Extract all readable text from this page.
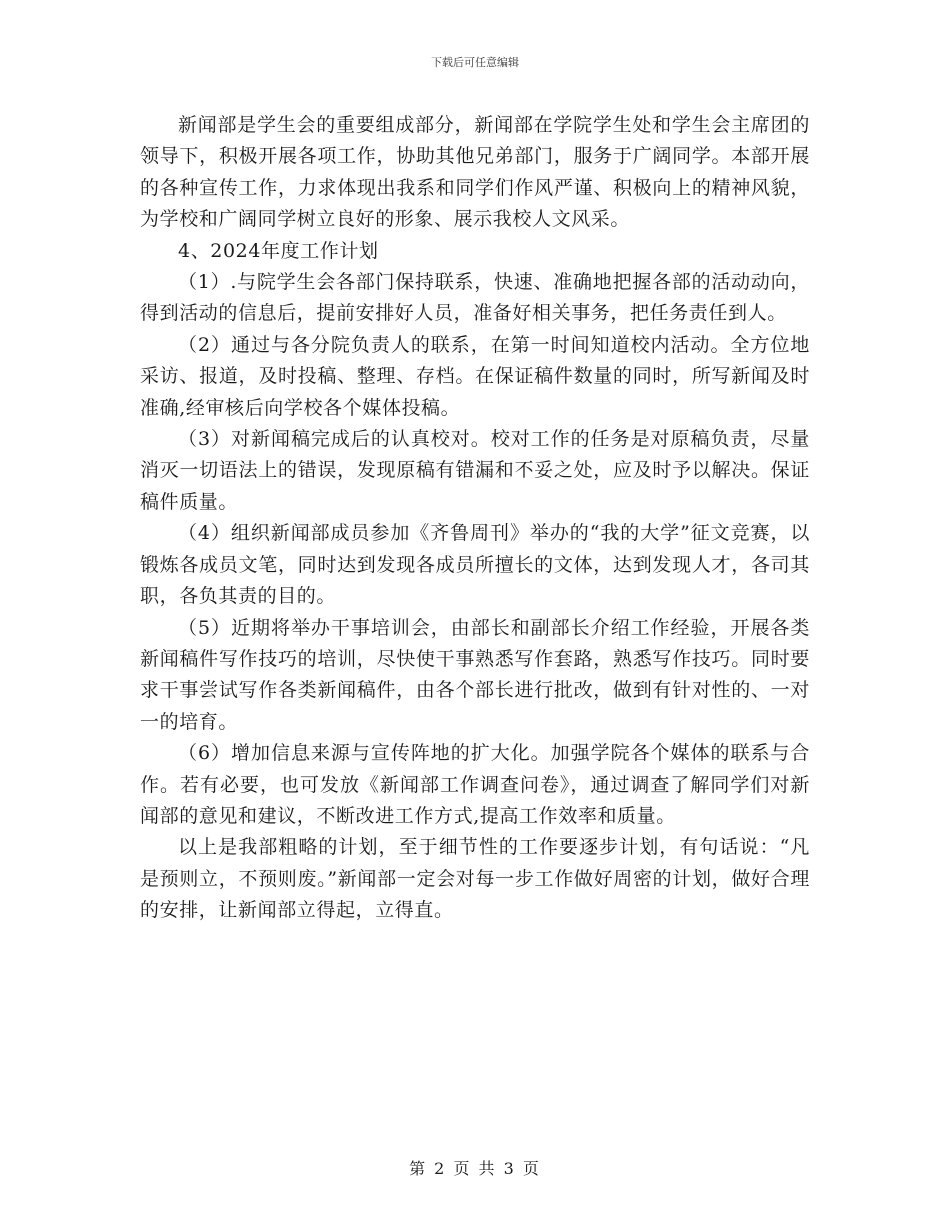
下载后可任意编辑

新闻部是学生会的重要组成部分，新闻部在学院学生处和学生会主席团的领导下，积极开展各项工作，协助其他兄弟部门，服务于广阔同学。本部开展的各种宣传工作，力求体现出我系和同学们作风严谨、积极向上的精神风貌，为学校和广阔同学树立良好的形象、展示我校人文风采。

4、2024年度工作计划

（1）.与院学生会各部门保持联系，快速、准确地把握各部的活动动向，得到活动的信息后，提前安排好人员，准备好相关事务，把任务责任到人。

（2）通过与各分院负责人的联系，在第一时间知道校内活动。全方位地采访、报道，及时投稿、整理、存档。在保证稿件数量的同时，所写新闻及时准确,经审核后向学校各个媒体投稿。

（3）对新闻稿完成后的认真校对。校对工作的任务是对原稿负责，尽量消灭一切语法上的错误，发现原稿有错漏和不妥之处，应及时予以解决。保证稿件质量。

（4）组织新闻部成员参加《齐鲁周刊》举办的“我的大学”征文竞赛，以锻炼各成员文笔，同时达到发现各成员所擅长的文体，达到发现人才，各司其职，各负其责的目的。

（5）近期将举办干事培训会，由部长和副部长介绍工作经验，开展各类新闻稿件写作技巧的培训，尽快使干事熟悉写作套路，熟悉写作技巧。同时要求干事尝试写作各类新闻稿件，由各个部长进行批改，做到有针对性的、一对一的培育。

（6）增加信息来源与宣传阵地的扩大化。加强学院各个媒体的联系与合作。若有必要，也可发放《新闻部工作调查问卷》，通过调查了解同学们对新闻部的意见和建议，不断改进工作方式,提高工作效率和质量。

以上是我部粗略的计划，至于细节性的工作要逐步计划，有句话说：“凡是预则立，不预则废。”新闻部一定会对每一步工作做好周密的计划，做好合理的安排，让新闻部立得起，立得直。

第 2 页 共 3 页
